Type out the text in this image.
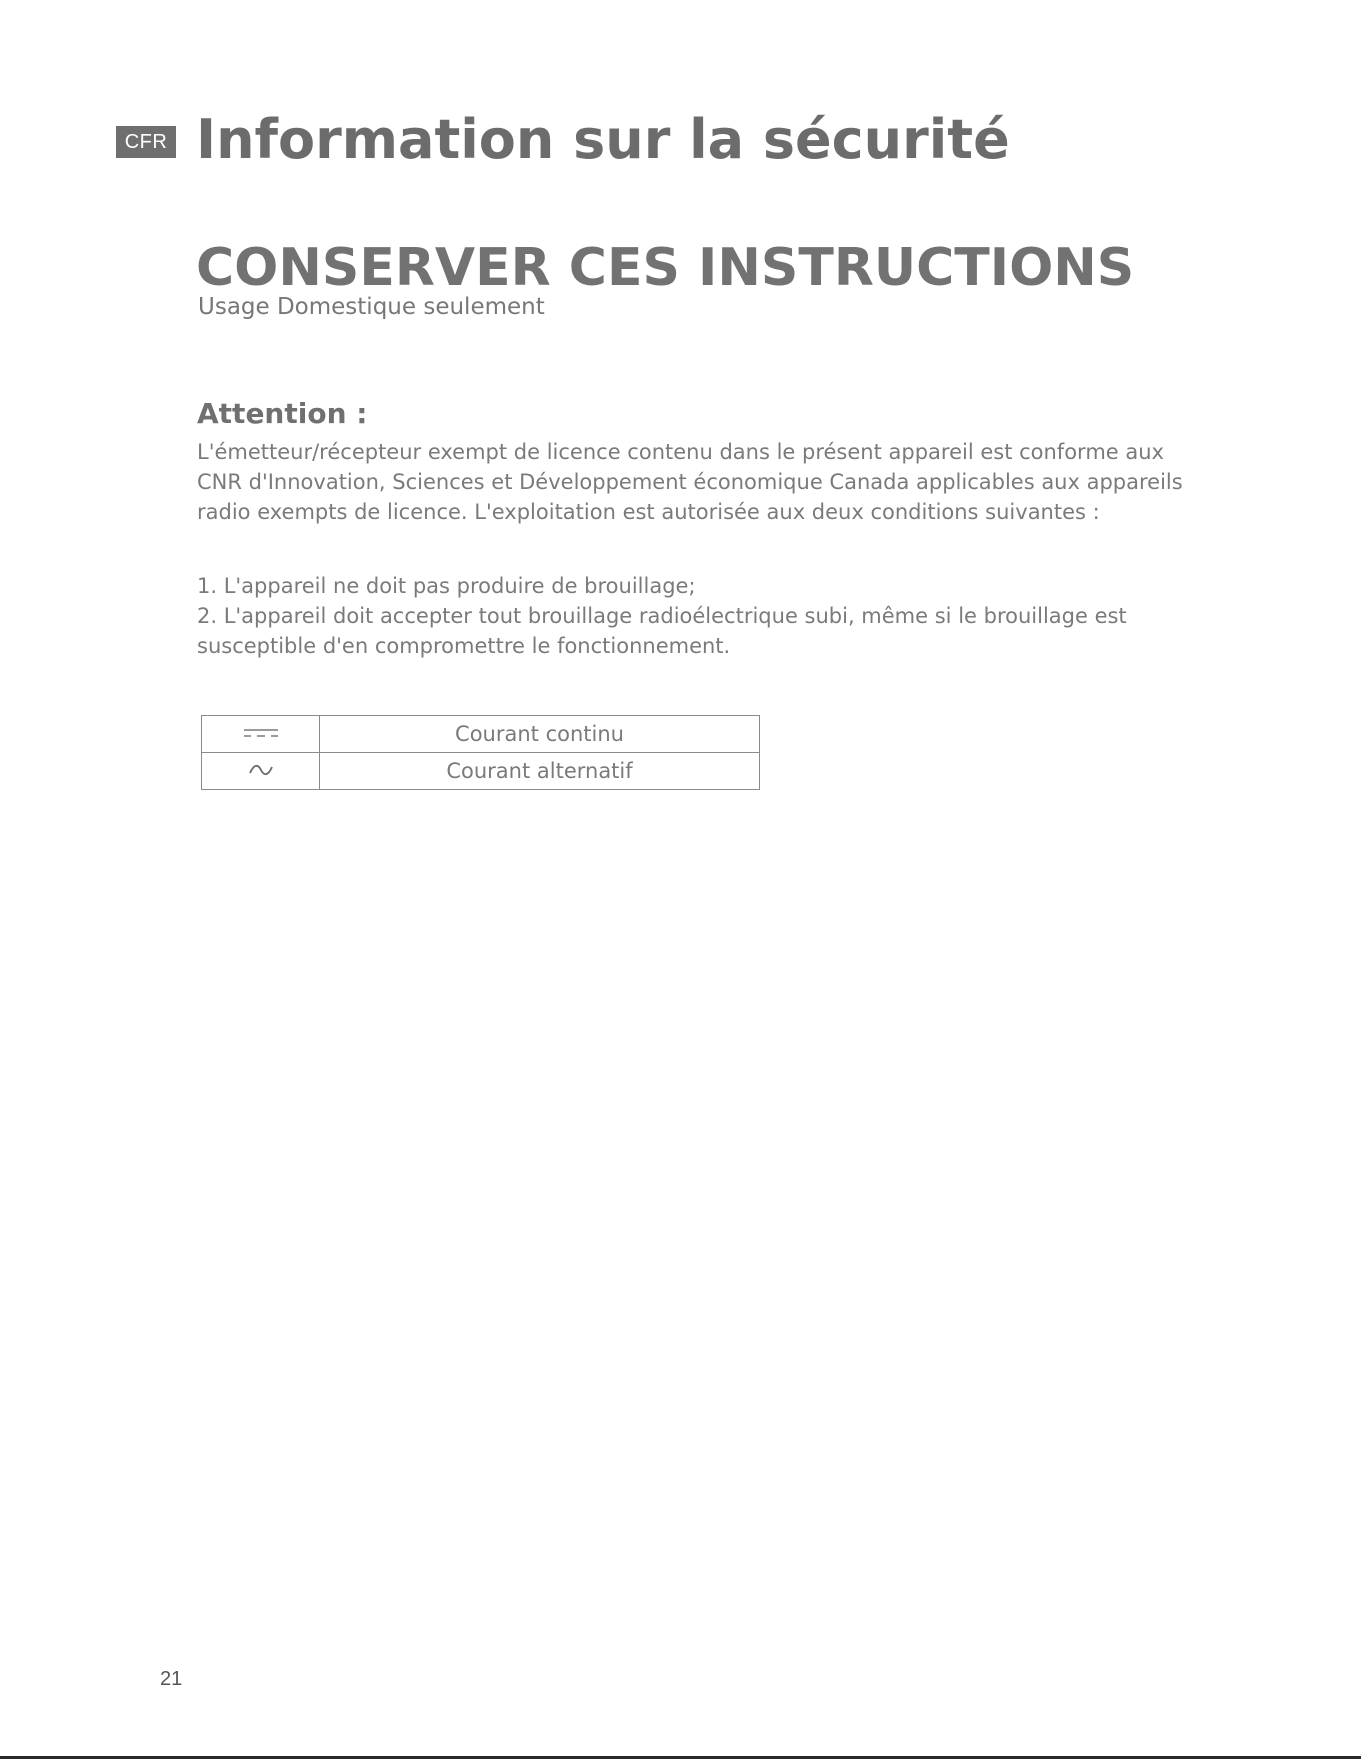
CFR Information sur la sécurité
CONSERVER CES INSTRUCTIONS

Usage Domestique seulement

Attention :

L'émetteur/récepteur exempt de licence contenu dans le présent appareil est conforme aux CNR d'Innovation, Sciences et Développement économique Canada applicables aux appareils radio exempts de licence. L'exploitation est autorisée aux deux conditions suivantes :

1. L'appareil ne doit pas produire de brouillage;

2. L'appareil doit accepter tout brouillage radioélectrique subi, même si le brouillage est susceptible d'en compromettre le fonctionnement.

	Courant continu
	Courant alternatif

21
